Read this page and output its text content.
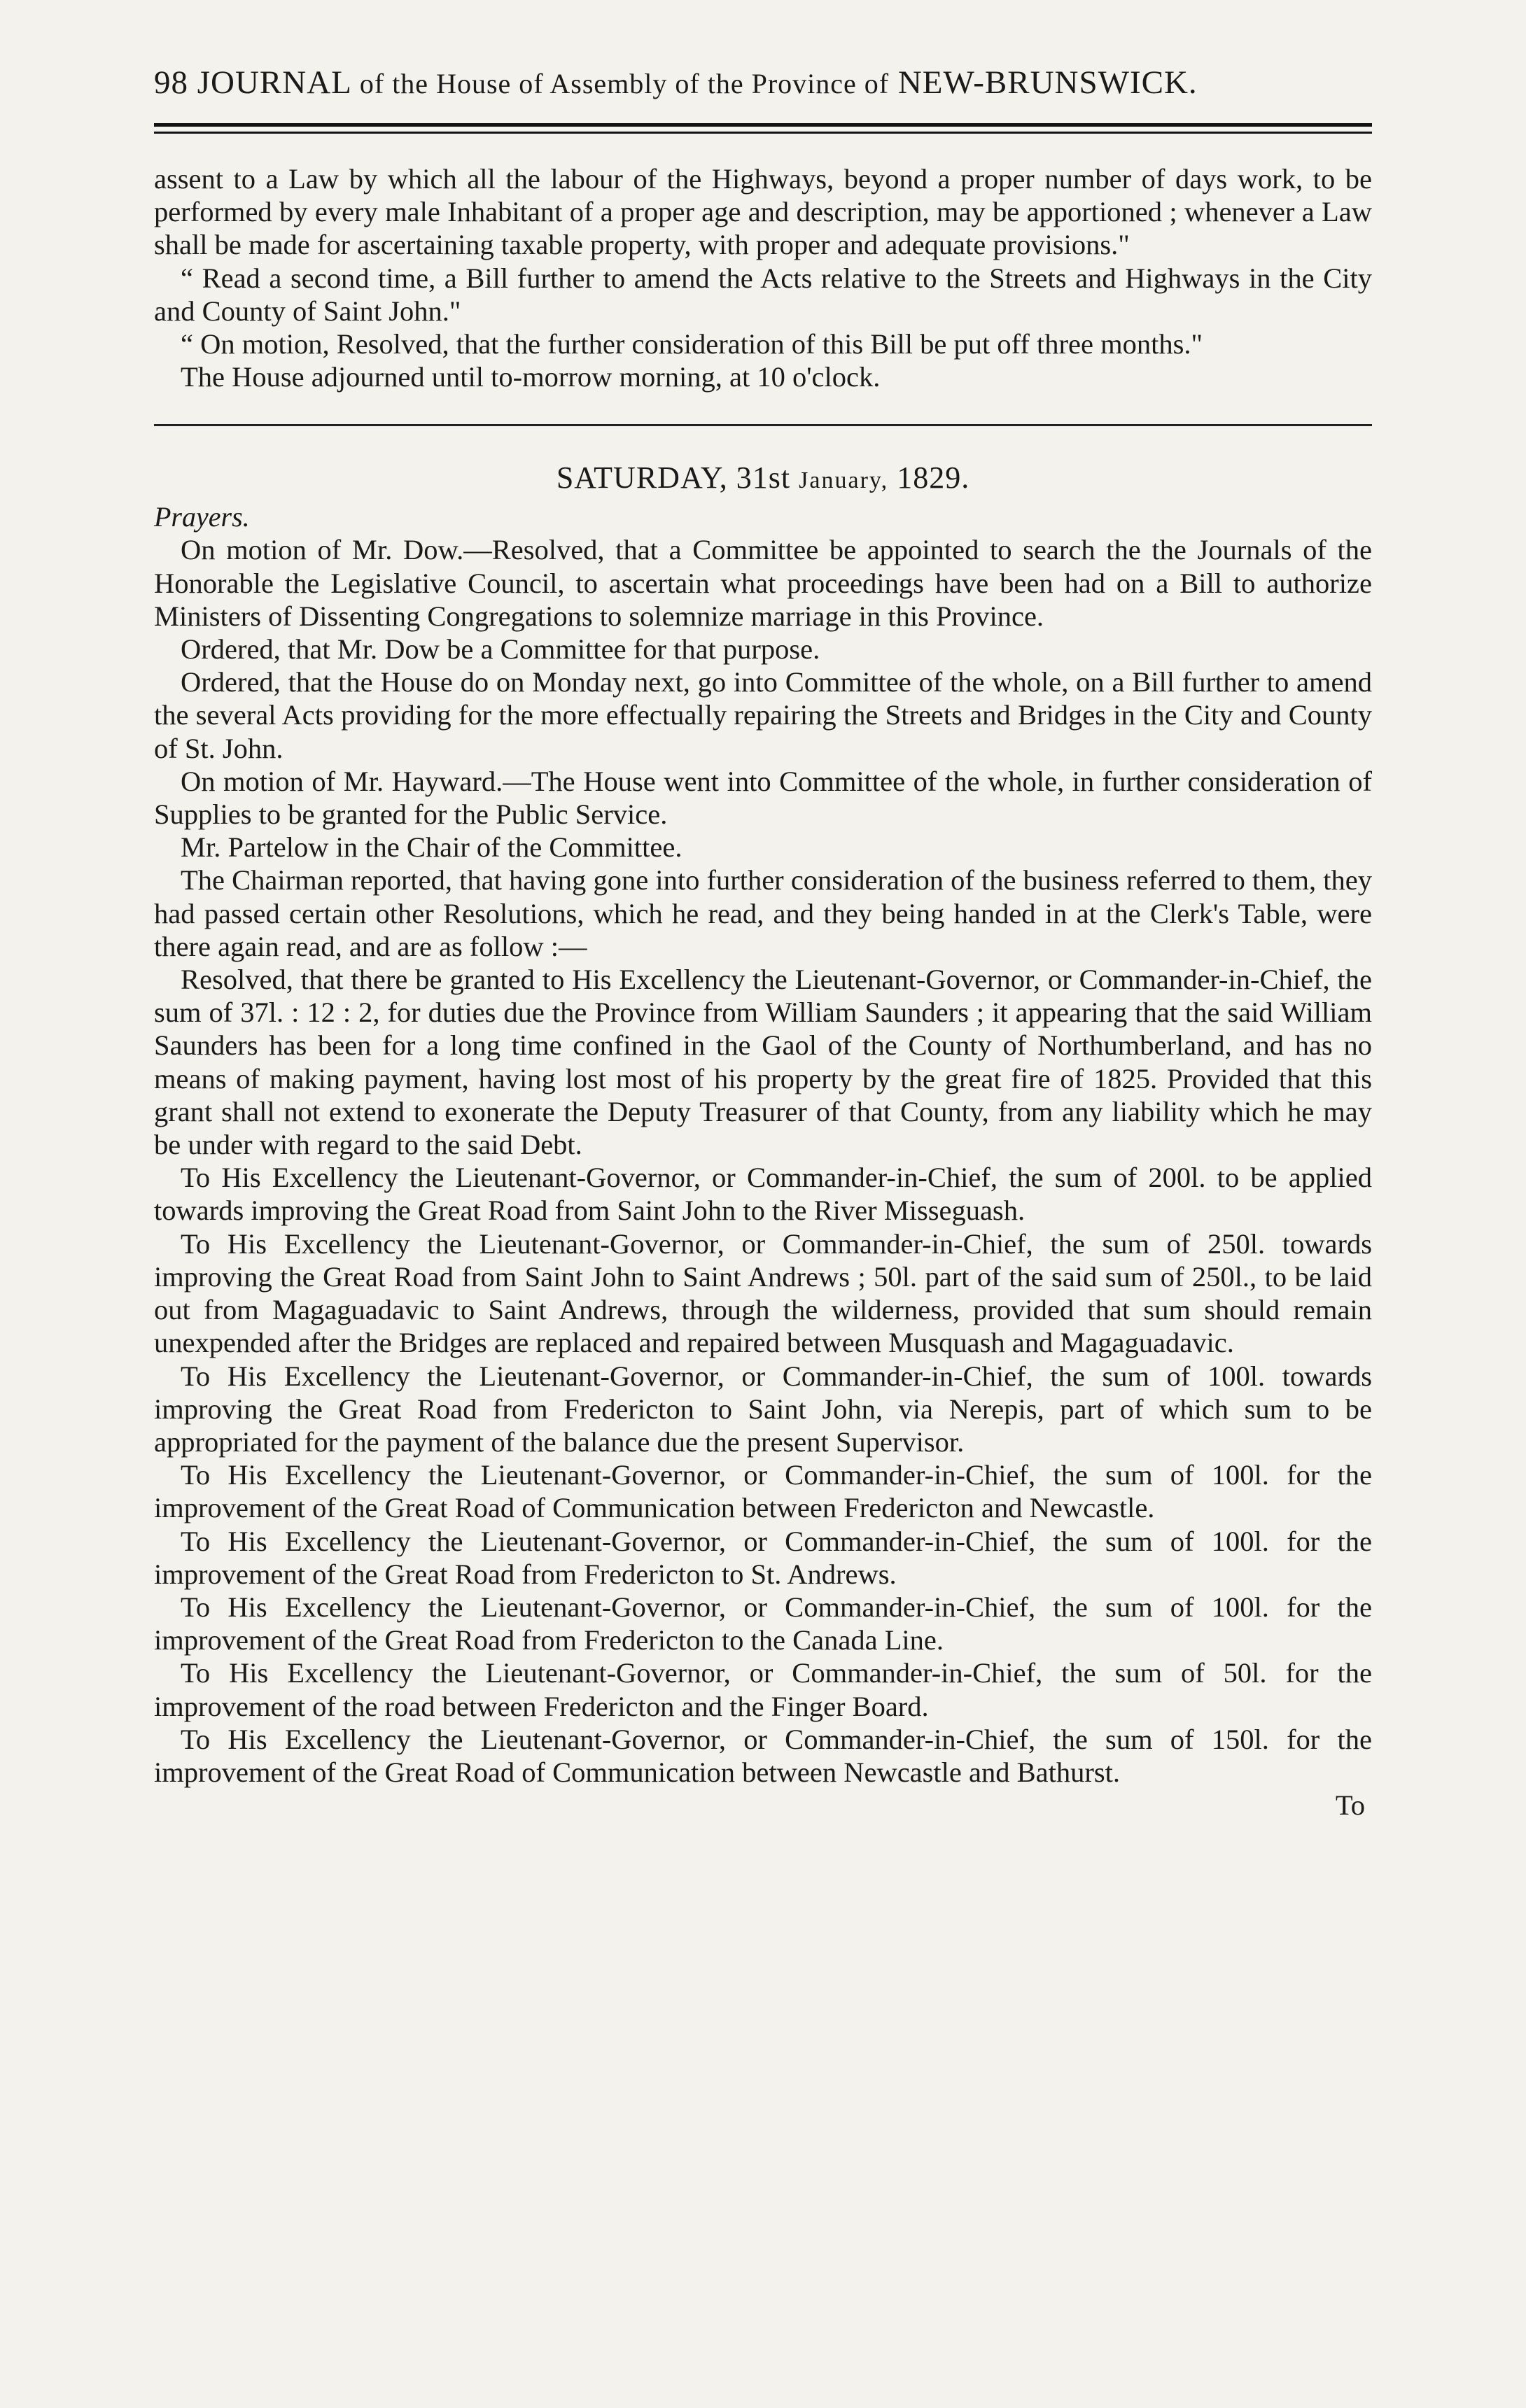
98 JOURNAL of the House of Assembly of the Province of NEW-BRUNSWICK.

assent to a Law by which all the labour of the Highways, beyond a proper number of days work, to be performed by every male Inhabitant of a proper age and description, may be apportioned ; whenever a Law shall be made for ascertaining taxable property, with proper and adequate provisions."

“ Read a second time, a Bill further to amend the Acts relative to the Streets and Highways in the City and County of Saint John."

“ On motion, Resolved, that the further consideration of this Bill be put off three months."

The House adjourned until to-morrow morning, at 10 o'clock.

SATURDAY, 31st January, 1829.

Prayers.

On motion of Mr. Dow.—Resolved, that a Committee be appointed to search the the Journals of the Honorable the Legislative Council, to ascertain what proceedings have been had on a Bill to authorize Ministers of Dissenting Congregations to solemnize marriage in this Province.

Ordered, that Mr. Dow be a Committee for that purpose.

Ordered, that the House do on Monday next, go into Committee of the whole, on a Bill further to amend the several Acts providing for the more effectually repairing the Streets and Bridges in the City and County of St. John.

On motion of Mr. Hayward.—The House went into Committee of the whole, in further consideration of Supplies to be granted for the Public Service.

Mr. Partelow in the Chair of the Committee.

The Chairman reported, that having gone into further consideration of the business referred to them, they had passed certain other Resolutions, which he read, and they being handed in at the Clerk's Table, were there again read, and are as follow :—

Resolved, that there be granted to His Excellency the Lieutenant-Governor, or Commander-in-Chief, the sum of 37l. : 12 : 2, for duties due the Province from William Saunders ; it appearing that the said William Saunders has been for a long time confined in the Gaol of the County of Northumberland, and has no means of making payment, having lost most of his property by the great fire of 1825. Provided that this grant shall not extend to exonerate the Deputy Treasurer of that County, from any liability which he may be under with regard to the said Debt.

To His Excellency the Lieutenant-Governor, or Commander-in-Chief, the sum of 200l. to be applied towards improving the Great Road from Saint John to the River Misseguash.

To His Excellency the Lieutenant-Governor, or Commander-in-Chief, the sum of 250l. towards improving the Great Road from Saint John to Saint Andrews ; 50l. part of the said sum of 250l., to be laid out from Magaguadavic to Saint Andrews, through the wilderness, provided that sum should remain unexpended after the Bridges are replaced and repaired between Musquash and Magaguadavic.

To His Excellency the Lieutenant-Governor, or Commander-in-Chief, the sum of 100l. towards improving the Great Road from Fredericton to Saint John, via Nerepis, part of which sum to be appropriated for the payment of the balance due the present Supervisor.

To His Excellency the Lieutenant-Governor, or Commander-in-Chief, the sum of 100l. for the improvement of the Great Road of Communication between Fredericton and Newcastle.

To His Excellency the Lieutenant-Governor, or Commander-in-Chief, the sum of 100l. for the improvement of the Great Road from Fredericton to St. Andrews.

To His Excellency the Lieutenant-Governor, or Commander-in-Chief, the sum of 100l. for the improvement of the Great Road from Fredericton to the Canada Line.

To His Excellency the Lieutenant-Governor, or Commander-in-Chief, the sum of 50l. for the improvement of the road between Fredericton and the Finger Board.

To His Excellency the Lieutenant-Governor, or Commander-in-Chief, the sum of 150l. for the improvement of the Great Road of Communication between Newcastle and Bathurst.

To
